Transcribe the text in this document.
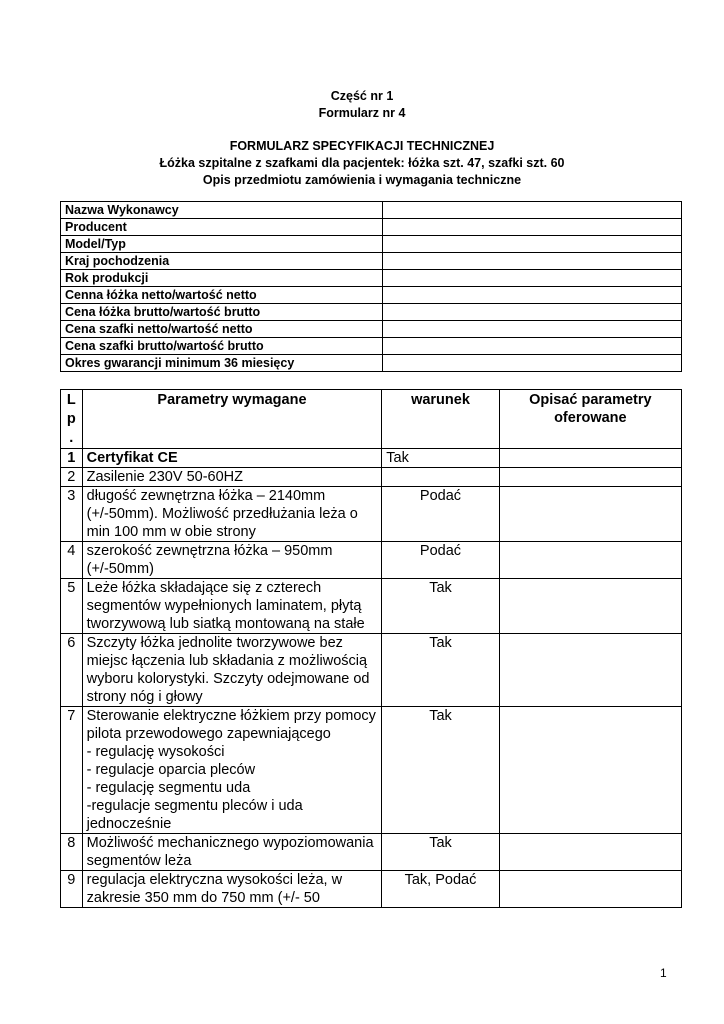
Część nr 1
Formularz nr 4
FORMULARZ SPECYFIKACJI TECHNICZNEJ
Łóżka szpitalne z szafkami dla pacjentek: łóżka szt. 47, szafki szt. 60
Opis przedmiotu zamówienia i wymagania techniczne
Nazwa Wykonawcy	
Producent	
Model/Typ	
Kraj pochodzenia	
Rok produkcji	
Cenna łóżka netto/wartość netto	
Cena łóżka brutto/wartość brutto	
Cena szafki netto/wartość netto	
Cena szafki brutto/wartość brutto	
Okres gwarancji minimum 36 miesięcy	
L
p
.	Parametry wymagane	warunek	Opisać parametry oferowane
1	Certyfikat CE	Tak	
2	Zasilenie 230V 50-60HZ		
3	długość zewnętrzna łóżka – 2140mm (+/-50mm). Możliwość przedłużania leża o min 100 mm w obie strony	Podać	
4	szerokość zewnętrzna łóżka – 950mm (+/-50mm)	Podać	
5	Leże łóżka składające się z czterech segmentów wypełnionych laminatem, płytą tworzywową lub siatką montowaną na stałe	Tak	
6	Szczyty łóżka jednolite tworzywowe bez miejsc łączenia lub składania z możliwością wyboru kolorystyki. Szczyty odejmowane od strony nóg i głowy	Tak	
7	Sterowanie elektryczne łóżkiem przy pomocy pilota przewodowego zapewniającego
- regulację wysokości
- regulacje oparcia pleców
- regulację segmentu uda
-regulacje segmentu pleców i uda jednocześnie	Tak	
8	Możliwość mechanicznego wypoziomowania segmentów leża	Tak	
9	regulacja elektryczna wysokości leża, w zakresie 350 mm do 750 mm (+/- 50	Tak, Podać	
1
